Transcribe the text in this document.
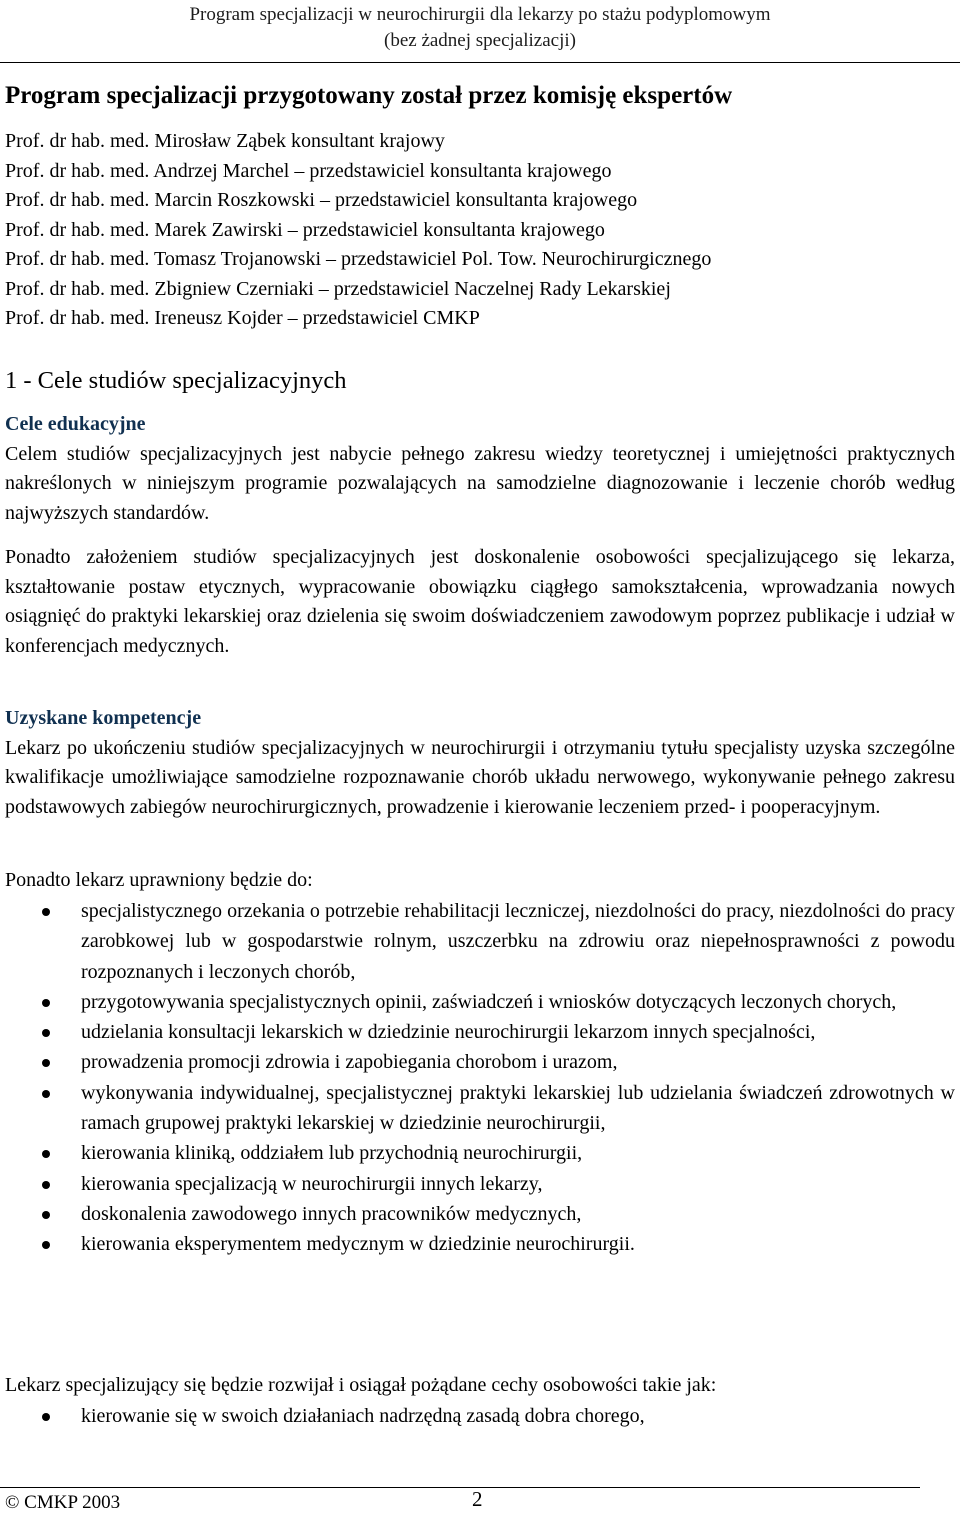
Program specjalizacji w neurochirurgii dla lekarzy po stażu podyplomowym
(bez żadnej specjalizacji)
Program specjalizacji przygotowany został przez komisję ekspertów
Prof. dr hab. med. Mirosław Ząbek konsultant krajowy
Prof. dr hab. med. Andrzej Marchel – przedstawiciel konsultanta krajowego
Prof. dr hab. med. Marcin Roszkowski – przedstawiciel konsultanta krajowego
Prof. dr hab. med. Marek Zawirski – przedstawiciel konsultanta krajowego
Prof. dr hab. med. Tomasz Trojanowski – przedstawiciel Pol. Tow. Neurochirurgicznego
Prof. dr hab. med. Zbigniew Czerniaki – przedstawiciel Naczelnej Rady Lekarskiej
Prof. dr hab. med. Ireneusz Kojder – przedstawiciel CMKP
1 - Cele studiów specjalizacyjnych

Cele edukacyjne

Celem studiów specjalizacyjnych jest nabycie pełnego zakresu wiedzy teoretycznej i umiejętności praktycznych nakreślonych w niniejszym programie pozwalających na samodzielne diagnozowanie i leczenie chorób według najwyższych standardów.

Ponadto założeniem studiów specjalizacyjnych jest doskonalenie osobowości specjalizującego się lekarza, kształtowanie postaw etycznych, wypracowanie obowiązku ciągłego samokształcenia, wprowadzania nowych osiągnięć do praktyki lekarskiej oraz dzielenia się swoim doświadczeniem zawodowym poprzez publikacje i udział w konferencjach medycznych.

Uzyskane kompetencje

Lekarz po ukończeniu studiów specjalizacyjnych w neurochirurgii i otrzymaniu tytułu specjalisty uzyska szczególne kwalifikacje umożliwiające samodzielne rozpoznawanie chorób układu nerwowego, wykonywanie pełnego zakresu podstawowych zabiegów neurochirurgicznych, prowadzenie i kierowanie leczeniem przed- i pooperacyjnym.

Ponadto lekarz uprawniony będzie do:

specjalistycznego orzekania o potrzebie rehabilitacji leczniczej, niezdolności do pracy, niezdolności do pracy zarobkowej lub w gospodarstwie rolnym, uszczerbku na zdrowiu oraz niepełnosprawności z powodu rozpoznanych i leczonych chorób,
przygotowywania specjalistycznych opinii, zaświadczeń i wniosków dotyczących leczonych chorych,
udzielania konsultacji lekarskich w dziedzinie neurochirurgii lekarzom innych specjalności,
prowadzenia promocji zdrowia i zapobiegania chorobom i urazom,
wykonywania indywidualnej, specjalistycznej praktyki lekarskiej lub udzielania świadczeń zdrowotnych w ramach grupowej praktyki lekarskiej w dziedzinie neurochirurgii,
kierowania kliniką, oddziałem lub przychodnią neurochirurgii,
kierowania specjalizacją w neurochirurgii innych lekarzy,
doskonalenia zawodowego innych pracowników medycznych,
kierowania eksperymentem medycznym w dziedzinie neurochirurgii.

Lekarz specjalizujący się będzie rozwijał i osiągał pożądane cechy osobowości takie jak:

kierowanie się w swoich działaniach nadrzędną zasadą dobra chorego,
© CMKP 2003	2
